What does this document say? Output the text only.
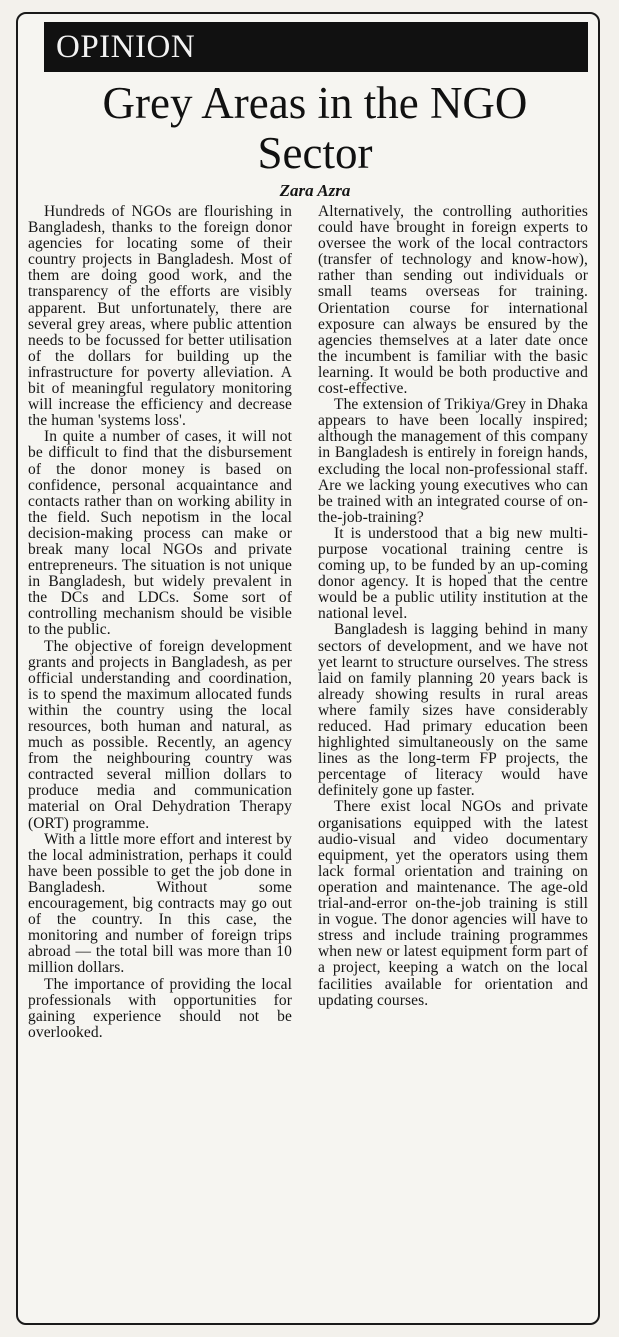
OPINION
Grey Areas in the NGO Sector
Zara Azra

Hundreds of NGOs are flourishing in Bangladesh, thanks to the foreign donor agencies for locating some of their country projects in Bangladesh. Most of them are doing good work, and the transparency of the efforts are visibly apparent. But unfortunately, there are several grey areas, where public attention needs to be focussed for better utilisation of the dollars for building up the infrastructure for poverty alleviation. A bit of meaningful regulatory monitoring will increase the efficiency and decrease the human 'systems loss'.

In quite a number of cases, it will not be difficult to find that the disbursement of the donor money is based on confidence, personal acquaintance and contacts rather than on working ability in the field. Such nepotism in the local decision-making process can make or break many local NGOs and private entrepreneurs. The situation is not unique in Bangladesh, but widely prevalent in the DCs and LDCs. Some sort of controlling mechanism should be visible to the public.

The objective of foreign development grants and projects in Bangladesh, as per official understanding and coordination, is to spend the maximum allocated funds within the country using the local resources, both human and natural, as much as possible. Recently, an agency from the neighbouring country was contracted several million dollars to produce media and communication material on Oral Dehydration Therapy (ORT) programme.

With a little more effort and interest by the local administration, perhaps it could have been possible to get the job done in Bangladesh. Without some encouragement, big contracts may go out of the country. In this case, the monitoring and number of foreign trips abroad — the total bill was more than 10 million dollars.

The importance of providing the local professionals with opportunities for gaining experience should not be overlooked.

Alternatively, the controlling authorities could have brought in foreign experts to oversee the work of the local contractors (transfer of technology and know-how), rather than sending out individuals or small teams overseas for training. Orientation course for international exposure can always be ensured by the agencies themselves at a later date once the incumbent is familiar with the basic learning. It would be both productive and cost-effective.

The extension of Trikiya/Grey in Dhaka appears to have been locally inspired; although the management of this company in Bangladesh is entirely in foreign hands, excluding the local non-professional staff. Are we lacking young executives who can be trained with an integrated course of on-the-job-training?

It is understood that a big new multi-purpose vocational training centre is coming up, to be funded by an up-coming donor agency. It is hoped that the centre would be a public utility institution at the national level.

Bangladesh is lagging behind in many sectors of development, and we have not yet learnt to structure ourselves. The stress laid on family planning 20 years back is already showing results in rural areas where family sizes have considerably reduced. Had primary education been highlighted simultaneously on the same lines as the long-term FP projects, the percentage of literacy would have definitely gone up faster.

There exist local NGOs and private organisations equipped with the latest audio-visual and video documentary equipment, yet the operators using them lack formal orientation and training on operation and maintenance. The age-old trial-and-error on-the-job training is still in vogue. The donor agencies will have to stress and include training programmes when new or latest equipment form part of a project, keeping a watch on the local facilities available for orientation and updating courses.
